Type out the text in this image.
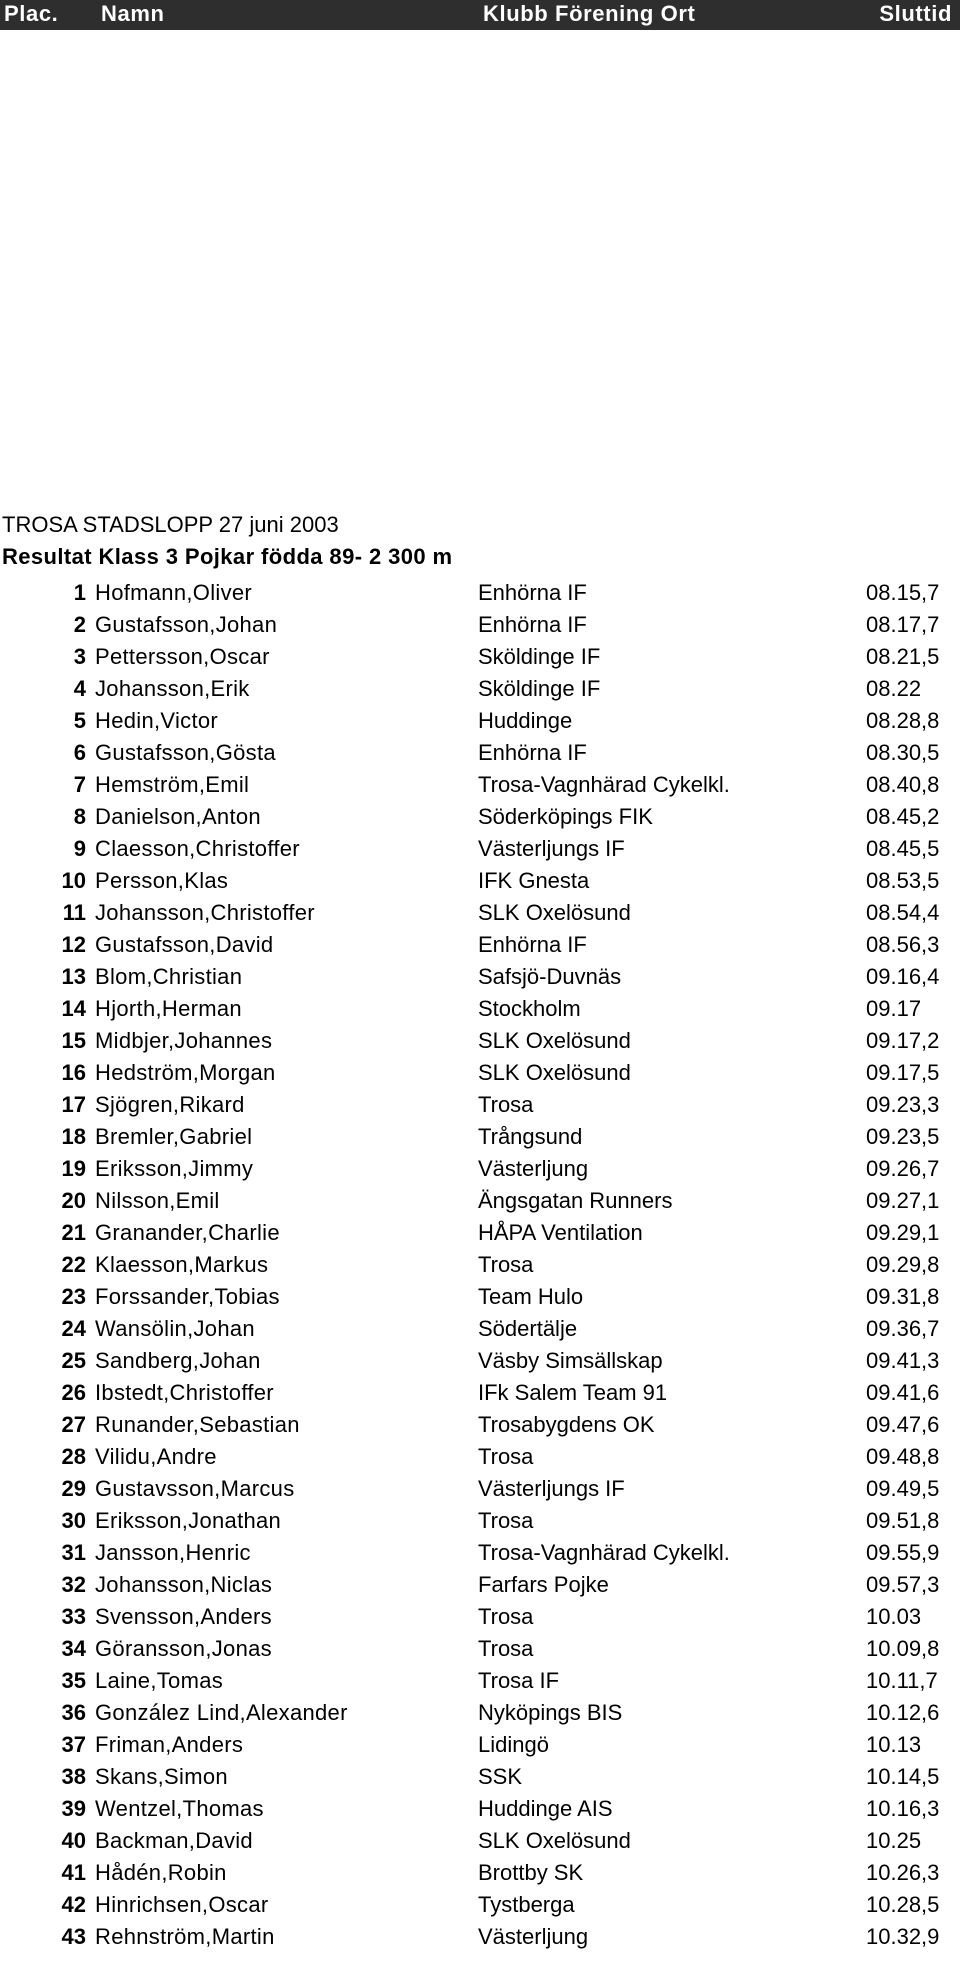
Plac. Namn	Klubb Förening Ort	Sluttid
TROSA STADSLOPP 27 juni 2003
Resultat Klass 3 Pojkar födda 89- 2 300 m
1 Hofmann,Oliver	Enhörna IF	08.15,7
2 Gustafsson,Johan	Enhörna IF	08.17,7
3 Pettersson,Oscar	Sköldinge IF	08.21,5
4 Johansson,Erik	Sköldinge IF	08.22
5 Hedin,Victor	Huddinge	08.28,8
6 Gustafsson,Gösta	Enhörna IF	08.30,5
7 Hemström,Emil	Trosa-Vagnhärad Cykelkl.	08.40,8
8 Danielson,Anton	Söderköpings FIK	08.45,2
9 Claesson,Christoffer	Västerljungs IF	08.45,5
10 Persson,Klas	IFK Gnesta	08.53,5
11 Johansson,Christoffer	SLK Oxelösund	08.54,4
12 Gustafsson,David	Enhörna IF	08.56,3
13 Blom,Christian	Safsjö-Duvnäs	09.16,4
14 Hjorth,Herman	Stockholm	09.17
15 Midbjer,Johannes	SLK Oxelösund	09.17,2
16 Hedström,Morgan	SLK Oxelösund	09.17,5
17 Sjögren,Rikard	Trosa	09.23,3
18 Bremler,Gabriel	Trångsund	09.23,5
19 Eriksson,Jimmy	Västerljung	09.26,7
20 Nilsson,Emil	Ängsgatan Runners	09.27,1
21 Granander,Charlie	HÅPA Ventilation	09.29,1
22 Klaesson,Markus	Trosa	09.29,8
23 Forssander,Tobias	Team Hulo	09.31,8
24 Wansölin,Johan	Södertälje	09.36,7
25 Sandberg,Johan	Väsby Simsällskap	09.41,3
26 Ibstedt,Christoffer	IFk Salem Team 91	09.41,6
27 Runander,Sebastian	Trosabygdens OK	09.47,6
28 Vilidu,Andre	Trosa	09.48,8
29 Gustavsson,Marcus	Västerljungs IF	09.49,5
30 Eriksson,Jonathan	Trosa	09.51,8
31 Jansson,Henric	Trosa-Vagnhärad Cykelkl.	09.55,9
32 Johansson,Niclas	Farfars Pojke	09.57,3
33 Svensson,Anders	Trosa	10.03
34 Göransson,Jonas	Trosa	10.09,8
35 Laine,Tomas	Trosa IF	10.11,7
36 González Lind,Alexander	Nyköpings BIS	10.12,6
37 Friman,Anders	Lidingö	10.13
38 Skans,Simon	SSK	10.14,5
39 Wentzel,Thomas	Huddinge AIS	10.16,3
40 Backman,David	SLK Oxelösund	10.25
41 Hådén,Robin	Brottby SK	10.26,3
42 Hinrichsen,Oscar	Tystberga	10.28,5
43 Rehnström,Martin	Västerljung	10.32,9
